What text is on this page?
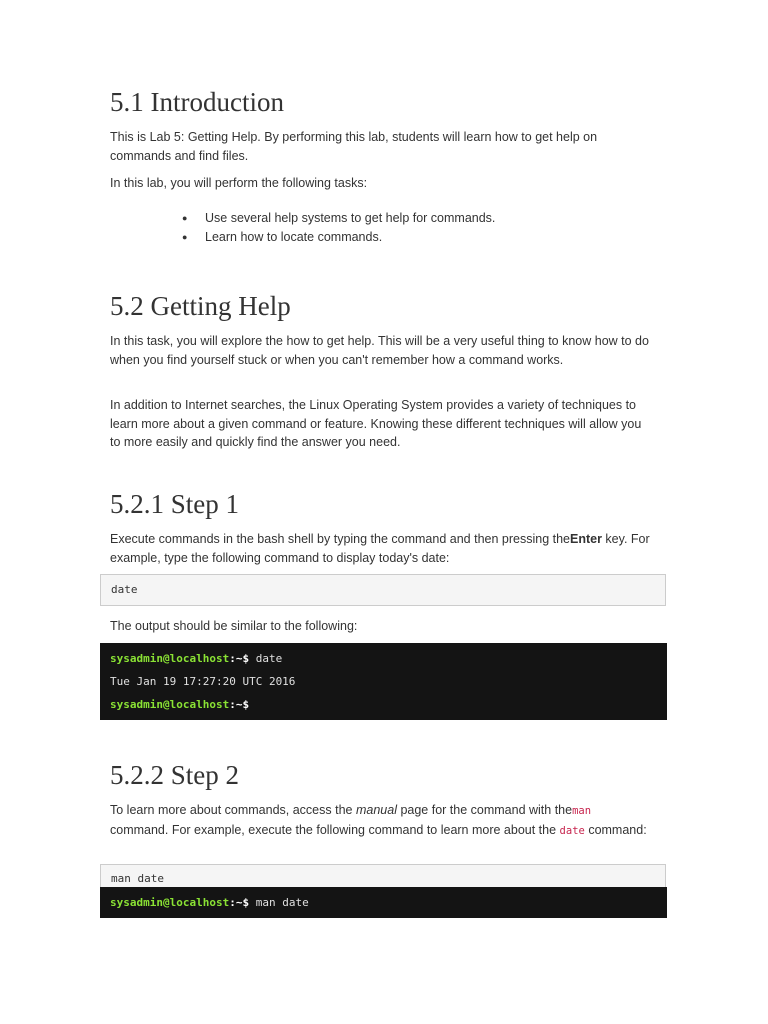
5.1 Introduction

This is Lab 5: Getting Help. By performing this lab, students will learn how to get help on commands and find files.

In this lab, you will perform the following tasks:

● Use several help systems to get help for commands.
● Learn how to locate commands.
5.2 Getting Help

In this task, you will explore the how to get help. This will be a very useful thing to know how to do when you find yourself stuck or when you can't remember how a command works.

In addition to Internet searches, the Linux Operating System provides a variety of techniques to learn more about a given command or feature. Knowing these different techniques will allow you to more easily and quickly find the answer you need.

5.2.1 Step 1

Execute commands in the bash shell by typing the command and then pressing theEnter key. For example, type the following command to display today's date:

date

The output should be similar to the following:

sysadmin@localhost:~$ date
Tue Jan 19 17:27:20 UTC 2016
sysadmin@localhost:~$
5.2.2 Step 2

To learn more about commands, access the manual page for the command with theman command. For example, execute the following command to learn more about the date command:

man date
sysadmin@localhost:~$ man date
